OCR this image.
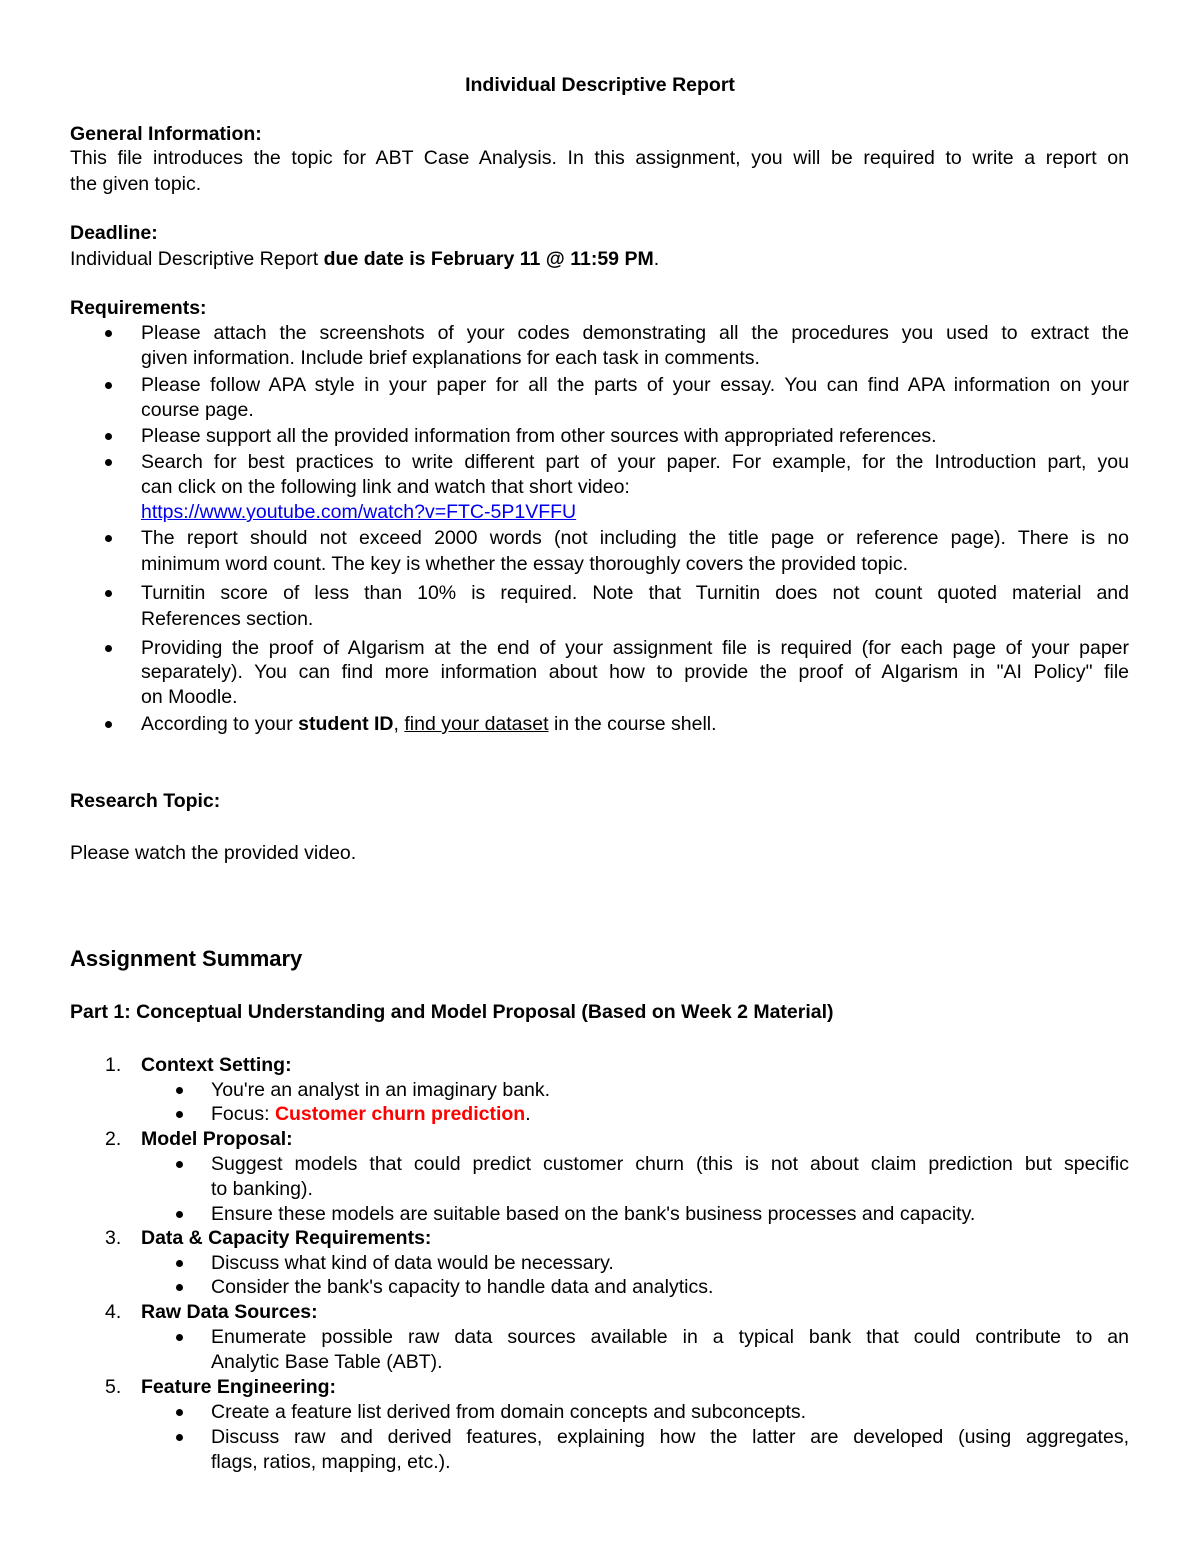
Individual Descriptive Report
General Information:
This file introduces the topic for ABT Case Analysis. In this assignment, you will be required to write a report on
the given topic.
Deadline:
Individual Descriptive Report due date is February 11 @ 11:59 PM.
Requirements:
Please attach the screenshots of your codes demonstrating all the procedures you used to extract the
given information. Include brief explanations for each task in comments.
Please follow APA style in your paper for all the parts of your essay. You can find APA information on your
course page.
Please support all the provided information from other sources with appropriated references.
Search for best practices to write different part of your paper. For example, for the Introduction part, you
can click on the following link and watch that short video:
https://www.youtube.com/watch?v=FTC-5P1VFFU
The report should not exceed 2000 words (not including the title page or reference page). There is no
minimum word count. The key is whether the essay thoroughly covers the provided topic.
Turnitin score of less than 10% is required. Note that Turnitin does not count quoted material and
References section.
Providing the proof of AIgarism at the end of your assignment file is required (for each page of your paper
separately). You can find more information about how to provide the proof of AIgarism in "AI Policy" file
on Moodle.
According to your student ID, find your dataset in the course shell.
Research Topic:
Please watch the provided video.
Assignment Summary
Part 1: Conceptual Understanding and Model Proposal (Based on Week 2 Material)
1. Context Setting:
You're an analyst in an imaginary bank.
Focus: Customer churn prediction.
2. Model Proposal:
Suggest models that could predict customer churn (this is not about claim prediction but specific
to banking).
Ensure these models are suitable based on the bank's business processes and capacity.
3. Data & Capacity Requirements:
Discuss what kind of data would be necessary.
Consider the bank's capacity to handle data and analytics.
4. Raw Data Sources:
Enumerate possible raw data sources available in a typical bank that could contribute to an
Analytic Base Table (ABT).
5. Feature Engineering:
Create a feature list derived from domain concepts and subconcepts.
Discuss raw and derived features, explaining how the latter are developed (using aggregates,
flags, ratios, mapping, etc.).
